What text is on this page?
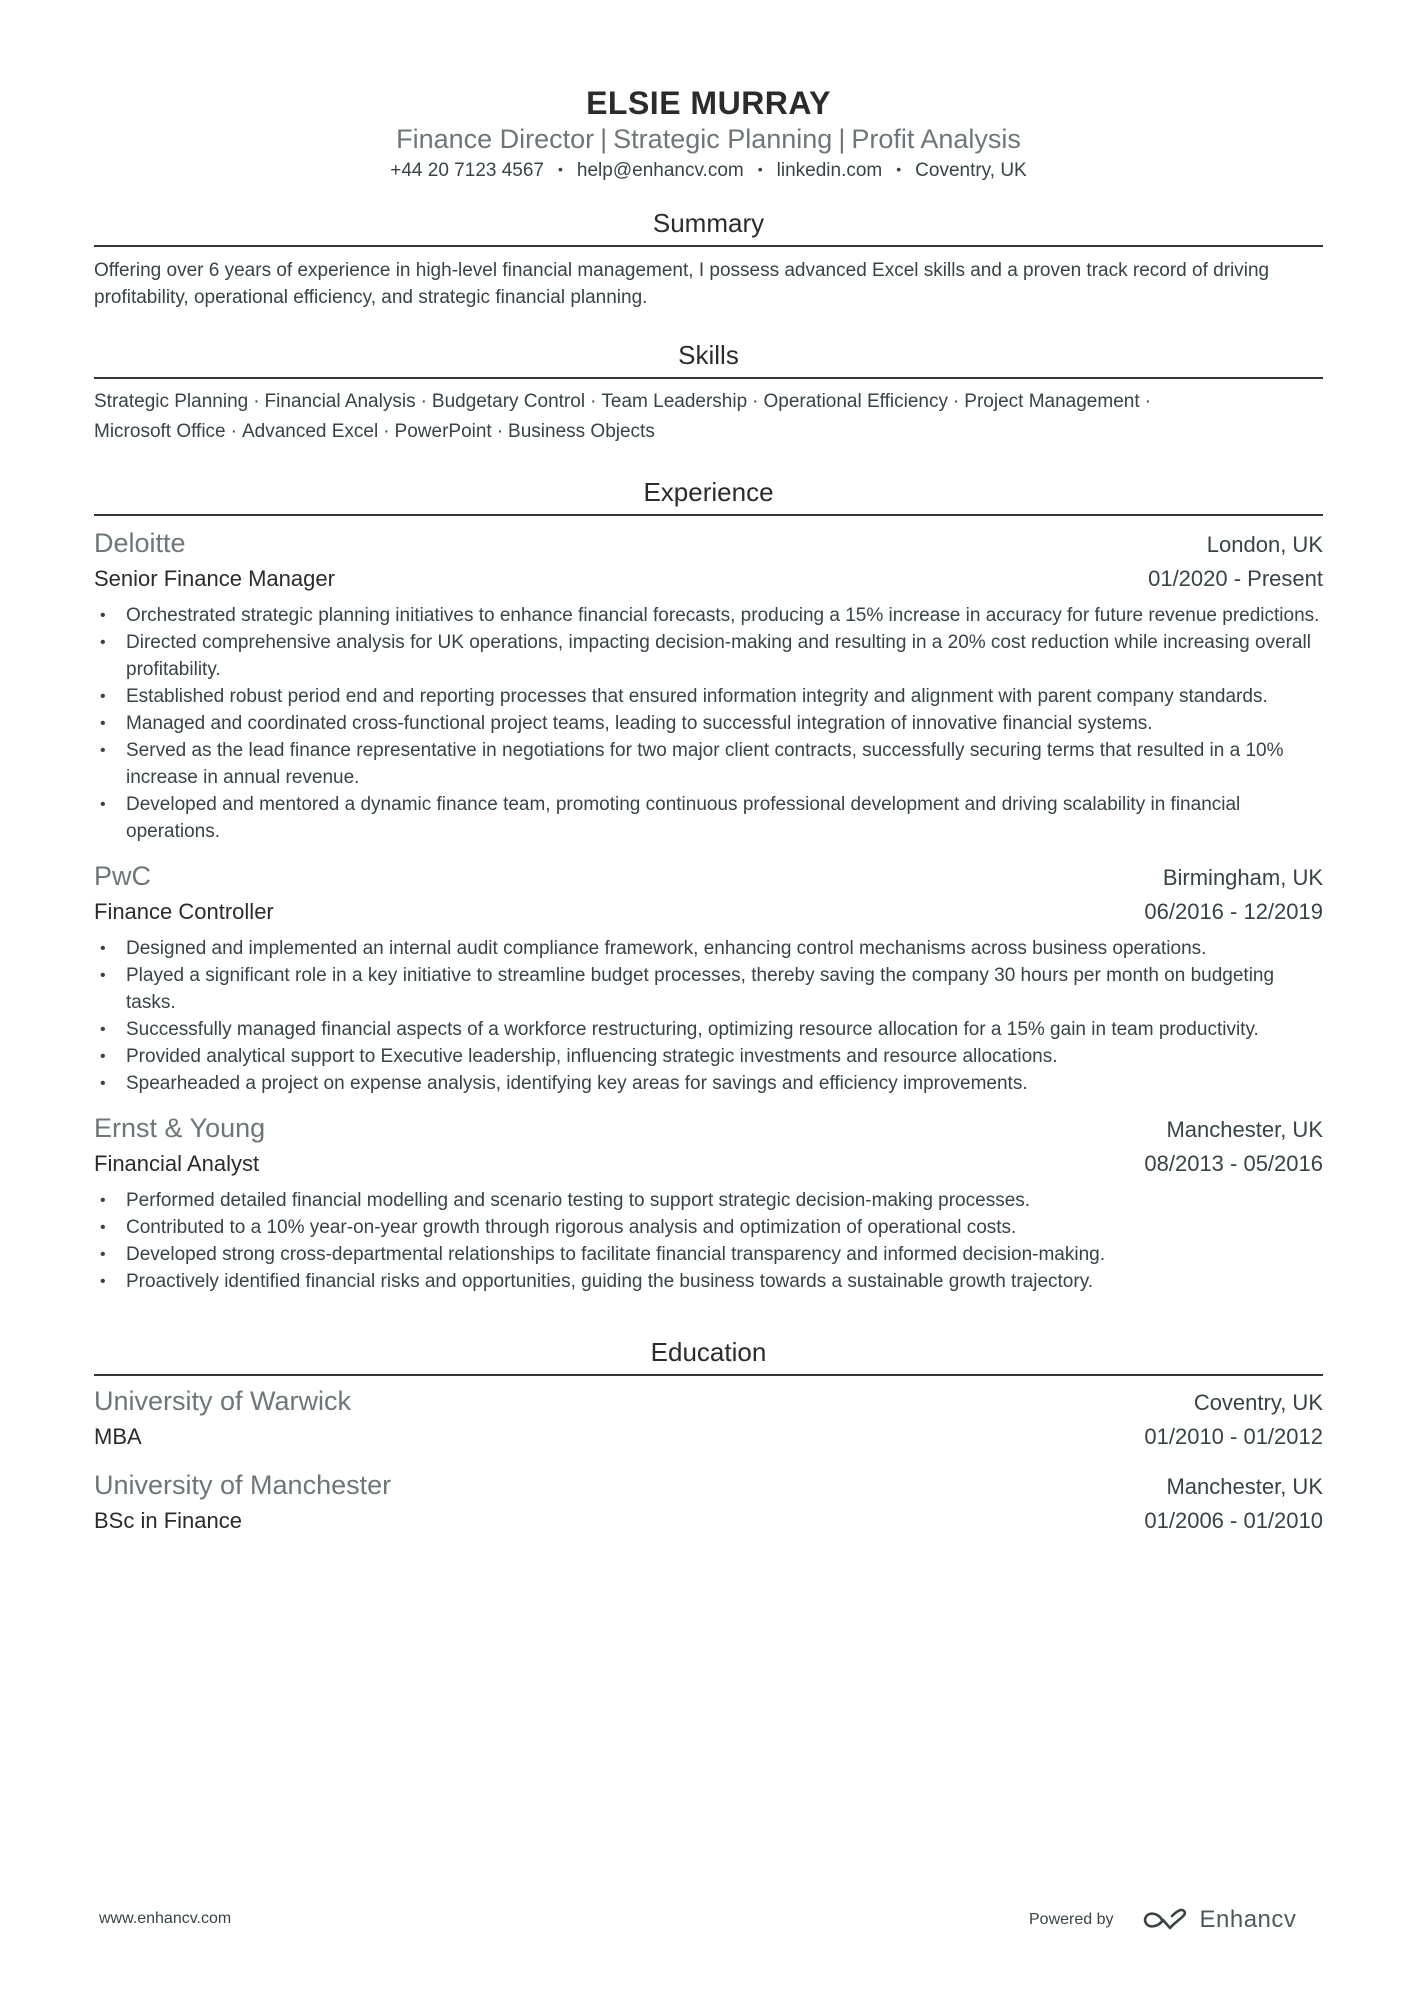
ELSIE MURRAY
Finance Director | Strategic Planning | Profit Analysis
+44 20 7123 4567 • help@enhancv.com • linkedin.com • Coventry, UK
Summary
Offering over 6 years of experience in high-level financial management, I possess advanced Excel skills and a proven track record of driving profitability, operational efficiency, and strategic financial planning.
Skills
Strategic Planning · Financial Analysis · Budgetary Control · Team Leadership · Operational Efficiency · Project Management ·
Microsoft Office · Advanced Excel · PowerPoint · Business Objects
Experience
Deloitte	London, UK
Senior Finance Manager	01/2020 - Present
• Orchestrated strategic planning initiatives to enhance financial forecasts, producing a 15% increase in accuracy for future revenue predictions.
• Directed comprehensive analysis for UK operations, impacting decision-making and resulting in a 20% cost reduction while increasing overall profitability.
• Established robust period end and reporting processes that ensured information integrity and alignment with parent company standards.
• Managed and coordinated cross-functional project teams, leading to successful integration of innovative financial systems.
• Served as the lead finance representative in negotiations for two major client contracts, successfully securing terms that resulted in a 10% increase in annual revenue.
• Developed and mentored a dynamic finance team, promoting continuous professional development and driving scalability in financial operations.
PwC	Birmingham, UK
Finance Controller	06/2016 - 12/2019
• Designed and implemented an internal audit compliance framework, enhancing control mechanisms across business operations.
• Played a significant role in a key initiative to streamline budget processes, thereby saving the company 30 hours per month on budgeting tasks.
• Successfully managed financial aspects of a workforce restructuring, optimizing resource allocation for a 15% gain in team productivity.
• Provided analytical support to Executive leadership, influencing strategic investments and resource allocations.
• Spearheaded a project on expense analysis, identifying key areas for savings and efficiency improvements.
Ernst & Young	Manchester, UK
Financial Analyst	08/2013 - 05/2016
• Performed detailed financial modelling and scenario testing to support strategic decision-making processes.
• Contributed to a 10% year-on-year growth through rigorous analysis and optimization of operational costs.
• Developed strong cross-departmental relationships to facilitate financial transparency and informed decision-making.
• Proactively identified financial risks and opportunities, guiding the business towards a sustainable growth trajectory.
Education
University of Warwick	Coventry, UK
MBA	01/2010 - 01/2012
University of Manchester	Manchester, UK
BSc in Finance	01/2006 - 01/2010
www.enhancv.com	Powered by	Enhancv
